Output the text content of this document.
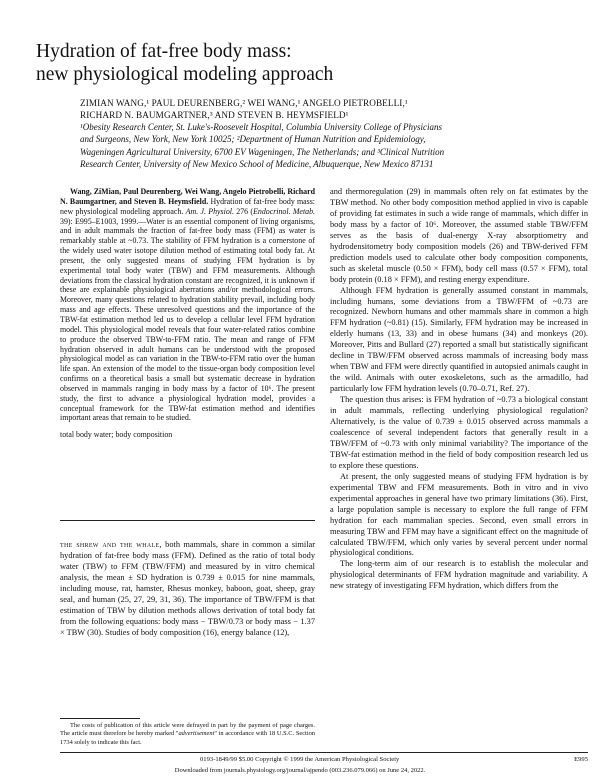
Hydration of fat-free body mass:
new physiological modeling approach
ZIMIAN WANG,¹ PAUL DEURENBERG,² WEI WANG,¹ ANGELO PIETROBELLI,¹
RICHARD N. BAUMGARTNER,³ AND STEVEN B. HEYMSFIELD¹
¹Obesity Research Center, St. Luke's-Roosevelt Hospital, Columbia University College of Physicians
and Surgeons, New York, New York 10025; ²Department of Human Nutrition and Epidemiology,
Wageningen Agricultural University, 6700 EV Wageningen, The Netherlands; and ³Clinical Nutrition
Research Center, University of New Mexico School of Medicine, Albuquerque, New Mexico 87131

Wang, ZiMian, Paul Deurenberg, Wei Wang, Angelo Pietrobelli, Richard N. Baumgartner, and Steven B. Heymsfield. Hydration of fat-free body mass: new physiological modeling approach. Am. J. Physiol. 276 (Endocrinol. Metab. 39): E995–E1003, 1999.—Water is an essential component of living organisms, and in adult mammals the fraction of fat-free body mass (FFM) as water is remarkably stable at ~0.73. The stability of FFM hydration is a cornerstone of the widely used water isotope dilution method of estimating total body fat. At present, the only suggested means of studying FFM hydration is by experimental total body water (TBW) and FFM measurements. Although deviations from the classical hydration constant are recognized, it is unknown if these are explainable physiological aberrations and/or methodological errors. Moreover, many questions related to hydration stability prevail, including body mass and age effects. These unresolved questions and the importance of the TBW-fat estimation method led us to develop a cellular level FFM hydration model. This physiological model reveals that four water-related ratios combine to produce the observed TBW-to-FFM ratio. The mean and range of FFM hydration observed in adult humans can be understood with the proposed physiological model as can variation in the TBW-to-FFM ratio over the human life span. An extension of the model to the tissue-organ body composition level confirms on a theoretical basis a small but systematic decrease in hydration observed in mammals ranging in body mass by a factor of 10⁶. The present study, the first to advance a physiological hydration model, provides a conceptual framework for the TBW-fat estimation method and identifies important areas that remain to be studied.

total body water; body composition

the shrew and the whale, both mammals, share in common a similar hydration of fat-free body mass (FFM). Defined as the ratio of total body water (TBW) to FFM (TBW/FFM) and measured by in vitro chemical analysis, the mean ± SD hydration is 0.739 ± 0.015 for nine mammals, including mouse, rat, hamster, Rhesus monkey, baboon, goat, sheep, gray seal, and human (25, 27, 29, 31, 36). The importance of TBW/FFM is that estimation of TBW by dilution methods allows derivation of total body fat from the following equations: body mass − TBW/0.73 or body mass − 1.37 × TBW (30). Studies of body composition (16), energy balance (12),

and thermoregulation (29) in mammals often rely on fat estimates by the TBW method. No other body composition method applied in vivo is capable of providing fat estimates in such a wide range of mammals, which differ in body mass by a factor of 10⁶. Moreover, the assumed stable TBW/FFM serves as the basis of dual-energy X-ray absorptiometry and hydrodensitometry body composition models (26) and TBW-derived FFM prediction models used to calculate other body composition components, such as skeletal muscle (0.50 × FFM), body cell mass (0.57 × FFM), total body protein (0.18 × FFM), and resting energy expenditure.

Although FFM hydration is generally assumed constant in mammals, including humans, some deviations from a TBW/FFM of ~0.73 are recognized. Newborn humans and other mammals share in common a high FFM hydration (~0.81) (15). Similarly, FFM hydration may be increased in elderly humans (13, 33) and in obese humans (34) and monkeys (20). Moreover, Pitts and Bullard (27) reported a small but statistically significant decline in TBW/FFM observed across mammals of increasing body mass when TBW and FFM were directly quantified in autopsied animals caught in the wild. Animals with outer exoskeletons, such as the armadillo, had particularly low FFM hydration levels (0.70–0.71, Ref. 27).

The question thus arises: is FFM hydration of ~0.73 a biological constant in adult mammals, reflecting underlying physiological regulation? Alternatively, is the value of 0.739 ± 0.015 observed across mammals a coalescence of several independent factors that generally result in a TBW/FFM of ~0.73 with only minimal variability? The importance of the TBW-fat estimation method in the field of body composition research led us to explore these questions.

At present, the only suggested means of studying FFM hydration is by experimental TBW and FFM measurements. Both in vitro and in vivo experimental approaches in general have two primary limitations (36). First, a large population sample is necessary to explore the full range of FFM hydration for each mammalian species. Second, even small errors in measuring TBW and FFM may have a significant effect on the magnitude of calculated TBW/FFM, which only varies by several percent under normal physiological conditions.

The long-term aim of our research is to establish the molecular and physiological determinants of FFM hydration magnitude and variability. A new strategy of investigating FFM hydration, which differs from the

The costs of publication of this article were defrayed in part by the payment of page charges. The article must therefore be hereby marked "advertisement" in accordance with 18 U.S.C. Section 1734 solely to indicate this fact.

0193-1849/99 $5.00 Copyright © 1999 the American Physiological Society	E995
Downloaded from journals.physiology.org/journal/ajpendo (003.236.079.066) on June 24, 2022.
